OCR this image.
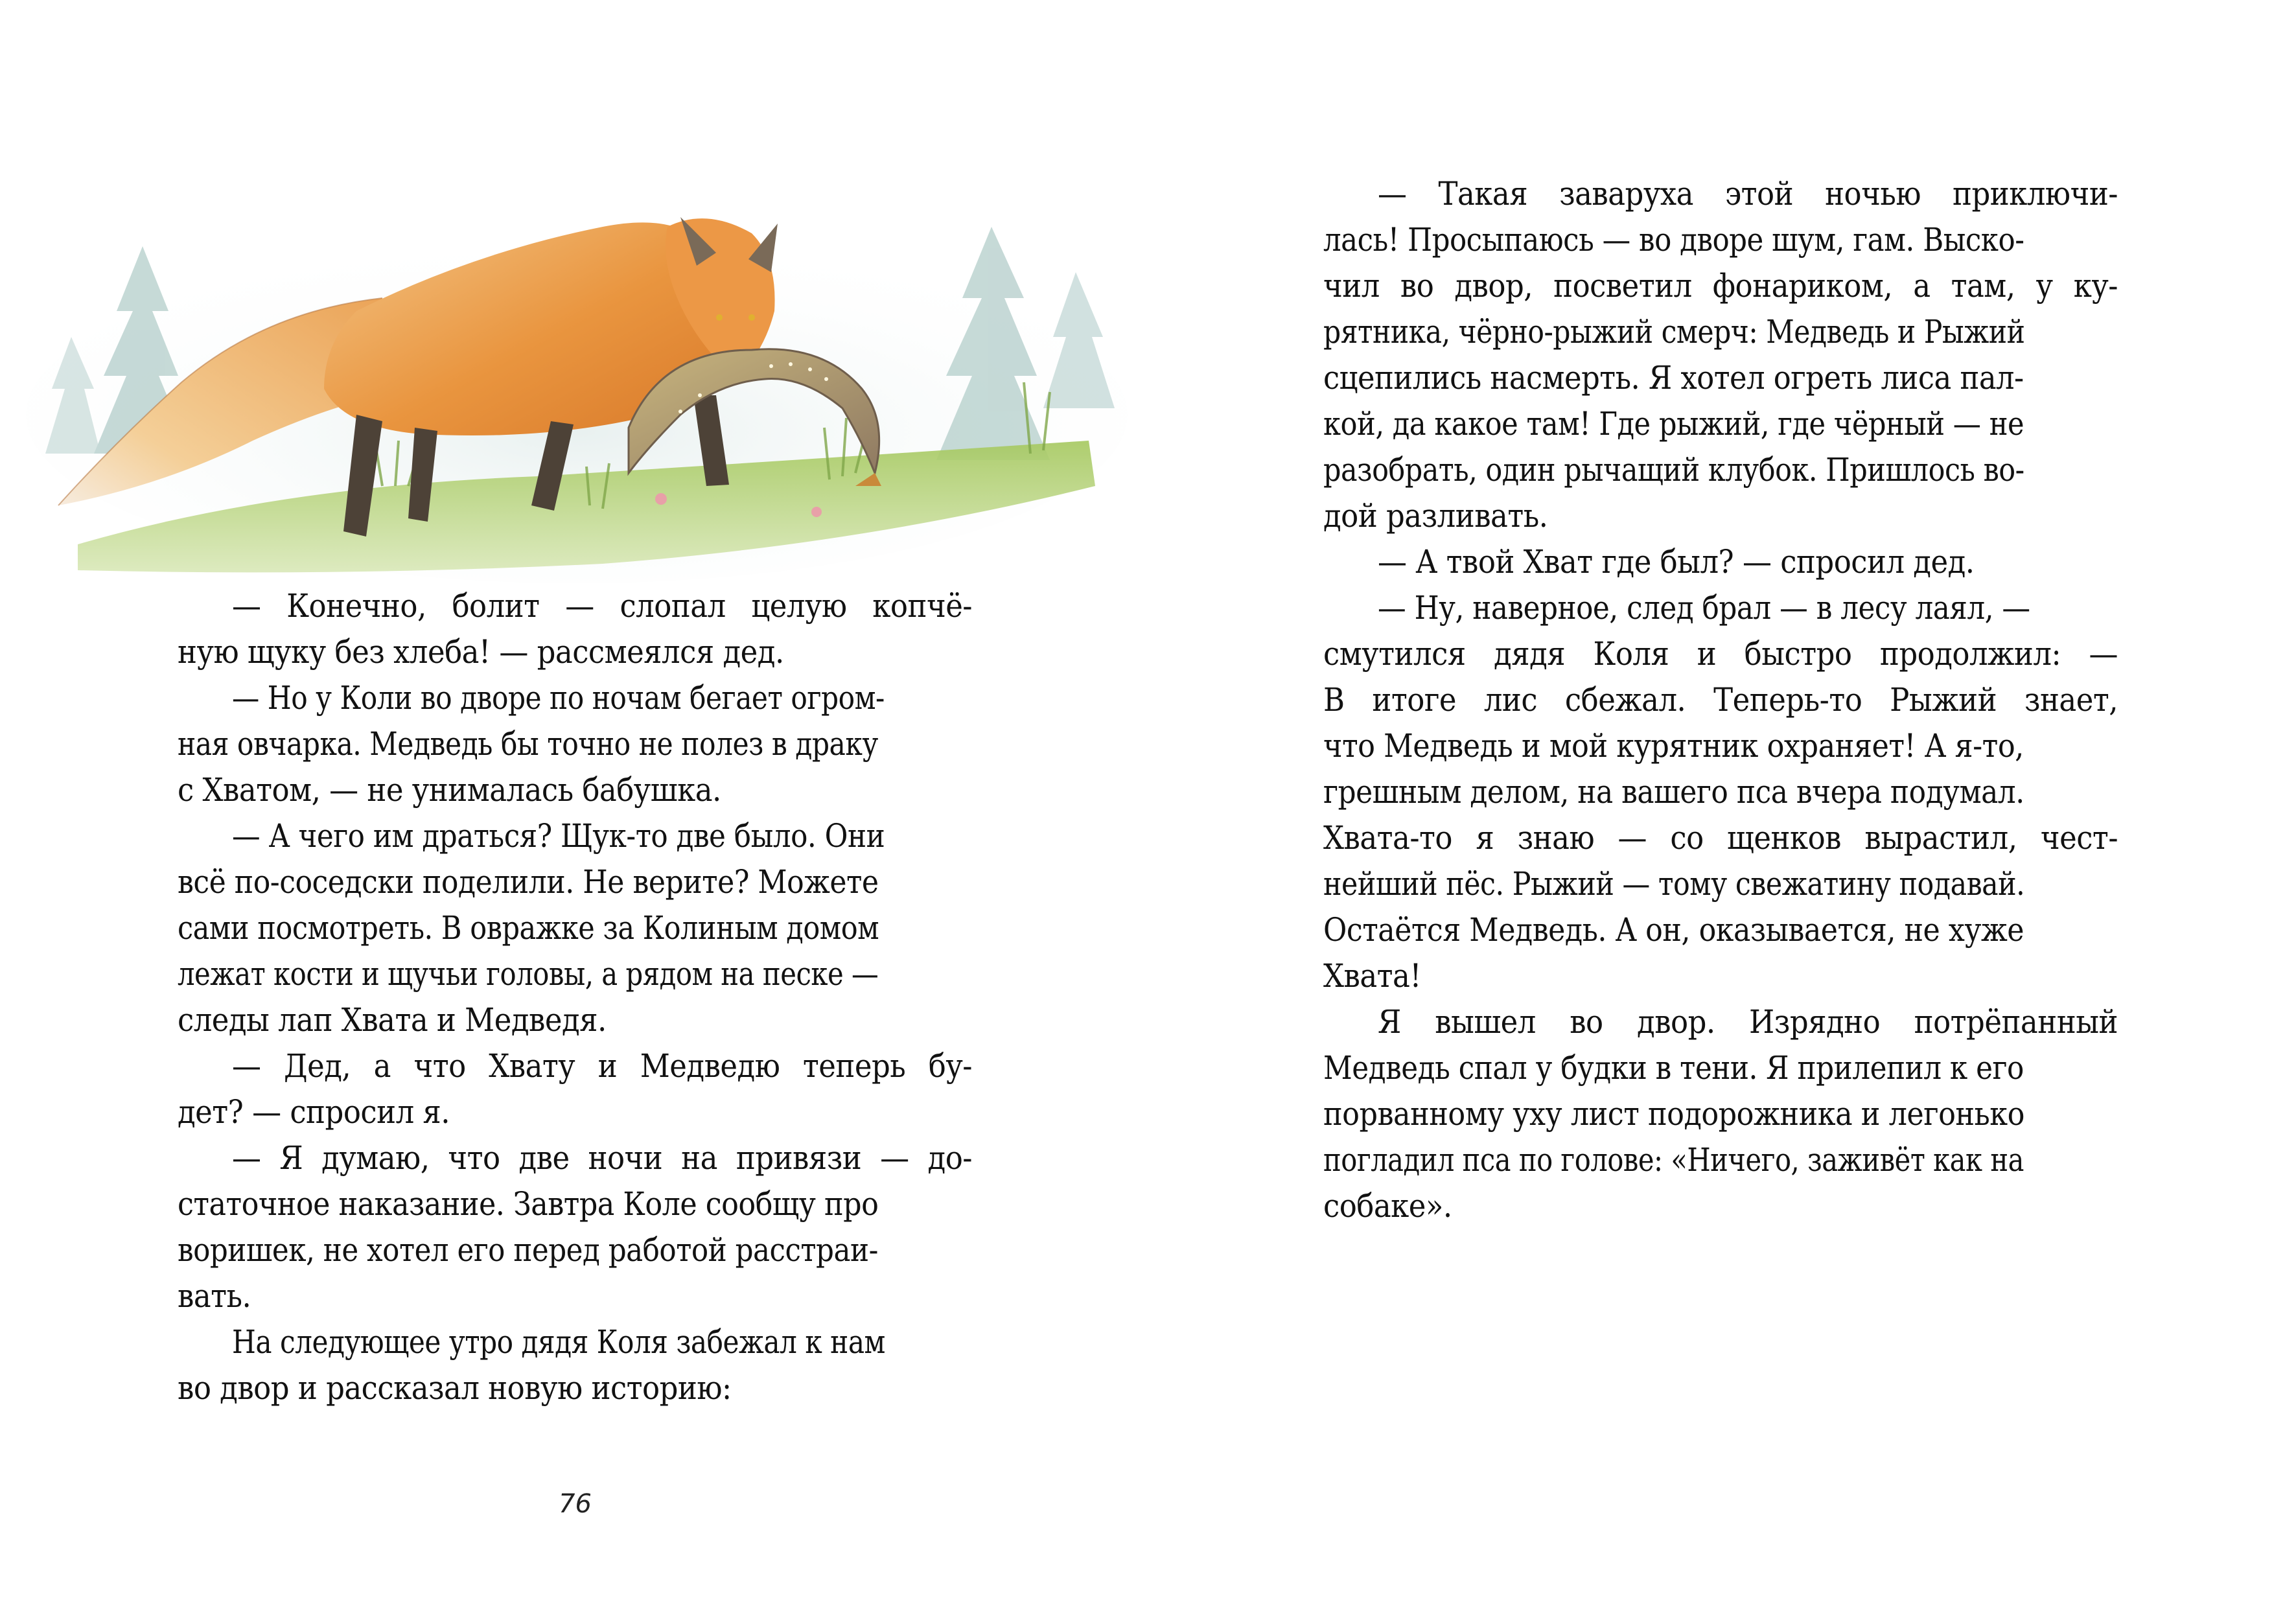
— Конечно, болит — слопал целую копчё-
ную щуку без хлеба! — рассмеялся дед.
— Но у Коли во дворе по ночам бегает огром-
ная овчарка. Медведь бы точно не полез в драку
с Хватом, — не унималась бабушка.
— А чего им драться? Щук-то две было. Они
всё по-соседски поделили. Не верите? Можете
сами посмотреть. В овражке за Колиным домом
лежат кости и щучьи головы, а рядом на песке —
следы лап Хвата и Медведя.
— Дед, а что Хвату и Медведю теперь бу-
дет? — спросил я.
— Я думаю, что две ночи на привязи — до-
статочное наказание. Завтра Коле сообщу про
воришек, не хотел его перед работой расстраи-
вать.
На следующее утро дядя Коля забежал к нам
во двор и рассказал новую историю:
76
— Такая заваруха этой ночью приключи-
лась! Просыпаюсь — во дворе шум, гам. Выско-
чил во двор, посветил фонариком, а там, у ку-
рятника, чёрно-рыжий смерч: Медведь и Рыжий
сцепились насмерть. Я хотел огреть лиса пал-
кой, да какое там! Где рыжий, где чёрный — не
разобрать, один рычащий клубок. Пришлось во-
дой разливать.
— А твой Хват где был? — спросил дед.
— Ну, наверное, след брал — в лесу лаял, —
смутился дядя Коля и быстро продолжил: —
В итоге лис сбежал. Теперь-то Рыжий знает,
что Медведь и мой курятник охраняет! А я-то,
грешным делом, на вашего пса вчера подумал.
Хвата-то я знаю — со щенков вырастил, чест-
нейший пёс. Рыжий — тому свежатину подавай.
Остаётся Медведь. А он, оказывается, не хуже
Хвата!
Я вышел во двор. Изрядно потрёпанный
Медведь спал у будки в тени. Я прилепил к его
порванному уху лист подорожника и легонько
погладил пса по голове: «Ничего, заживёт как на
собаке».
